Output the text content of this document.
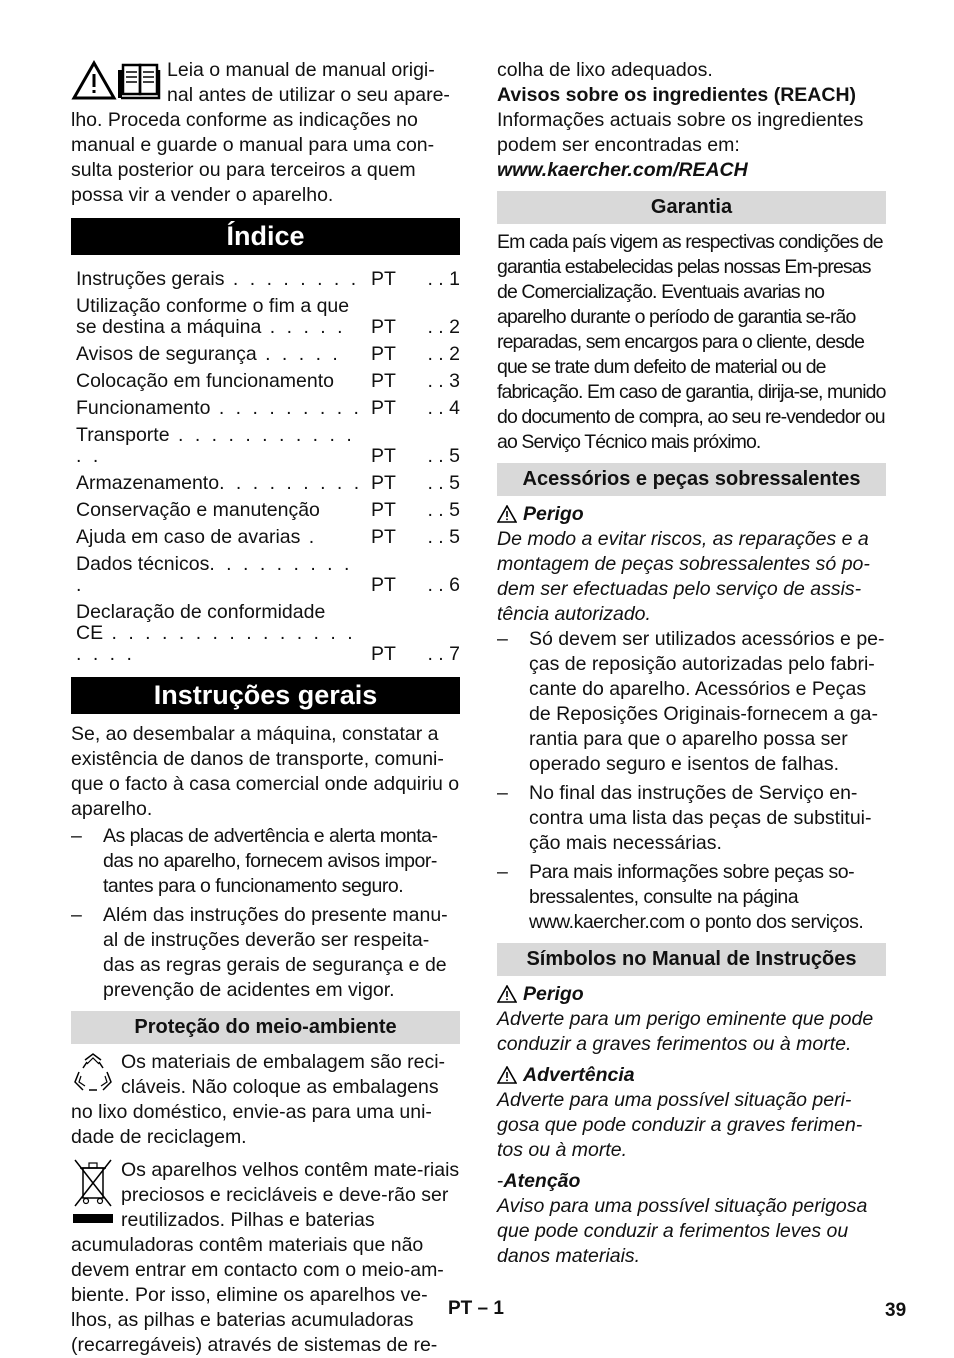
Leia o manual de manual origi-

nal antes de utilizar o seu apare-

lho. Proceda conforme as indicações no manual e guarde o manual para uma con-sulta posterior ou para terceiros a quem possa vir a vender o aparelho.

Índice
Instruções gerais . . . . . . . .	PT	. . 1
Utilização conforme o fim a que		
se destina a máquina . . . . .	PT	. . 2
Avisos de segurança . . . . .	PT	. . 2
Colocação em funcionamento	PT	. . 3
Funcionamento . . . . . . . . .	PT	. . 4
Transporte . . . . . . . . . . . . .	PT	. . 5
Armazenamento. . . . . . . . .	PT	. . 5
Conservação e manutenção	PT	. . 5
Ajuda em caso de avarias .	PT	. . 5
Dados técnicos. . . . . . . . . .	PT	. . 6
Declaração de conformidade		
CE . . . . . . . . . . . . . . . . . . .	PT	. . 7
Instruções gerais

Se, ao desembalar a máquina, constatar a existência de danos de transporte, comuni-que o facto à casa comercial onde adquiriu o aparelho.

– As placas de advertência e alerta monta-das no aparelho, fornecem avisos impor-tantes para o funcionamento seguro.
– Além das instruções do presente manu-al de instruções deverão ser respeita-das as regras gerais de segurança e de prevenção de acidentes em vigor.
Proteção do meio-ambiente

Os materiais de embalagem são reci-cláveis. Não coloque as embalagens no lixo doméstico, envie-as para uma uni-dade de reciclagem.

Os aparelhos velhos contêm mate-riais preciosos e recicláveis e deve-rão ser reutilizados. Pilhas e baterias acumuladoras contêm materiais que não devem entrar em contacto com o meio-am-biente. Por isso, elimine os aparelhos ve-lhos, as pilhas e baterias acumuladoras (recarregáveis) através de sistemas de re-

colha de lixo adequados.

Avisos sobre os ingredientes (REACH)

Informações actuais sobre os ingredientes podem ser encontradas em:

www.kaercher.com/REACH

Garantia

Em cada país vigem as respectivas condições de garantia estabelecidas pelas nossas Em-presas de Comercialização. Eventuais avarias no aparelho durante o período de garantia se-rão reparadas, sem encargos para o cliente, desde que se trate dum defeito de material ou de fabricação. Em caso de garantia, dirija-se, munido do documento de compra, ao seu re-vendedor ou ao Serviço Técnico mais próximo.

Acessórios e peças sobressalentes
Perigo

De modo a evitar riscos, as reparações e a montagem de peças sobressalentes só po-dem ser efectuadas pelo serviço de assis-tência autorizado.

– Só devem ser utilizados acessórios e pe-ças de reposição autorizadas pelo fabri-cante do aparelho. Acessórios e Peças de Reposições Originais-fornecem a ga-rantia para que o aparelho possa ser operado seguro e isentos de falhas.
– No final das instruções de Serviço en-contra uma lista das peças de substitui-ção mais necessárias.
– Para mais informações sobre peças so-bressalentes, consulte na página www.kaercher.com o ponto dos serviços.
Símbolos no Manual de Instruções
Perigo

Adverte para um perigo eminente que pode conduzir a graves ferimentos ou à morte.

Advertência

Adverte para uma possível situação peri-gosa que pode conduzir a graves ferimen-tos ou à morte.

-Atenção

Aviso para uma possível situação perigosa que pode conduzir a ferimentos leves ou danos materiais.

PT – 1	39
